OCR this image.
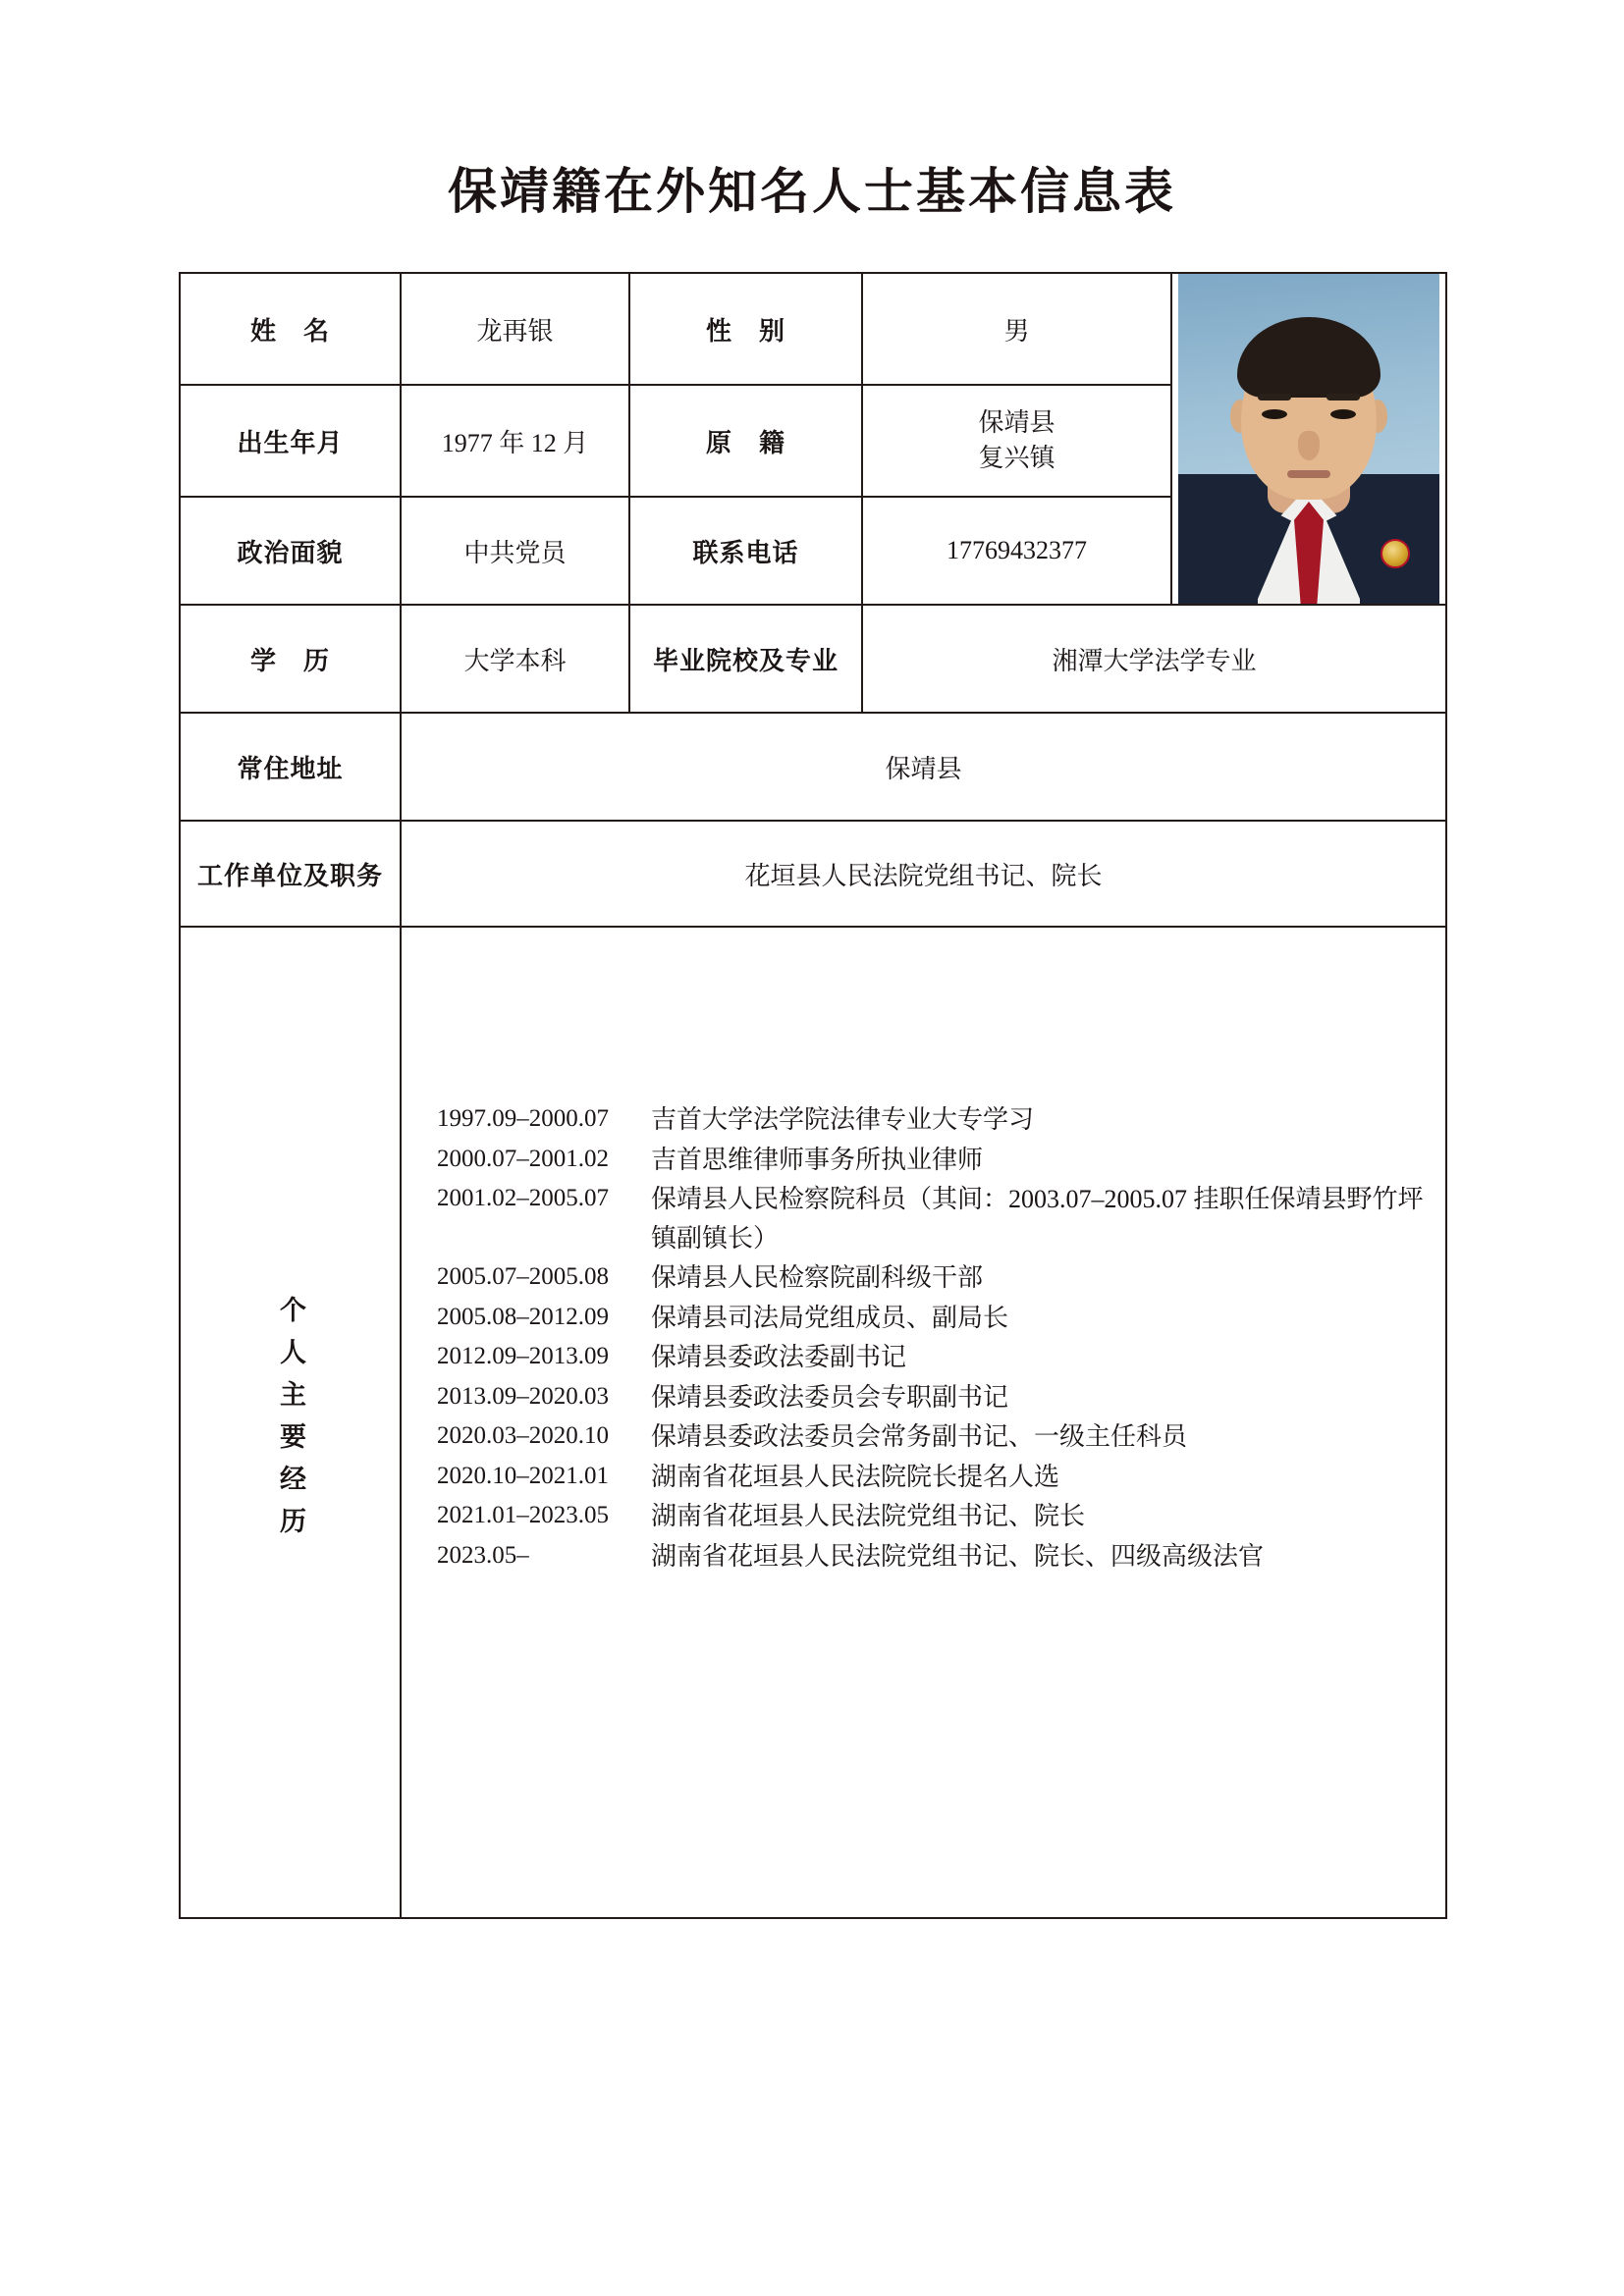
保靖籍在外知名人士基本信息表
姓　名	龙再银	性　别	男	

出生年月	1977 年 12 月	原　籍	保靖县
复兴镇	

政治面貌	中共党员	联系电话	17769432377	
学　历	大学本科	毕业院校及专业	湘潭大学法学专业	
常住地址	保靖县			
工作单位及职务	花垣县人民法院党组书记、院长			

个人主要经历

1997.09–2000.07	吉首大学法学院法律专业大专学习
2000.07–2001.02	吉首思维律师事务所执业律师
2001.02–2005.07	保靖县人民检察院科员（其间：2003.07–2005.07 挂职任保靖县野竹坪镇副镇长）
2005.07–2005.08	保靖县人民检察院副科级干部
2005.08–2012.09	保靖县司法局党组成员、副局长
2012.09–2013.09	保靖县委政法委副书记
2013.09–2020.03	保靖县委政法委员会专职副书记
2020.03–2020.10	保靖县委政法委员会常务副书记、一级主任科员
2020.10–2021.01	湖南省花垣县人民法院院长提名人选
2021.01–2023.05	湖南省花垣县人民法院党组书记、院长
2023.05–	湖南省花垣县人民法院党组书记、院长、四级高级法官
